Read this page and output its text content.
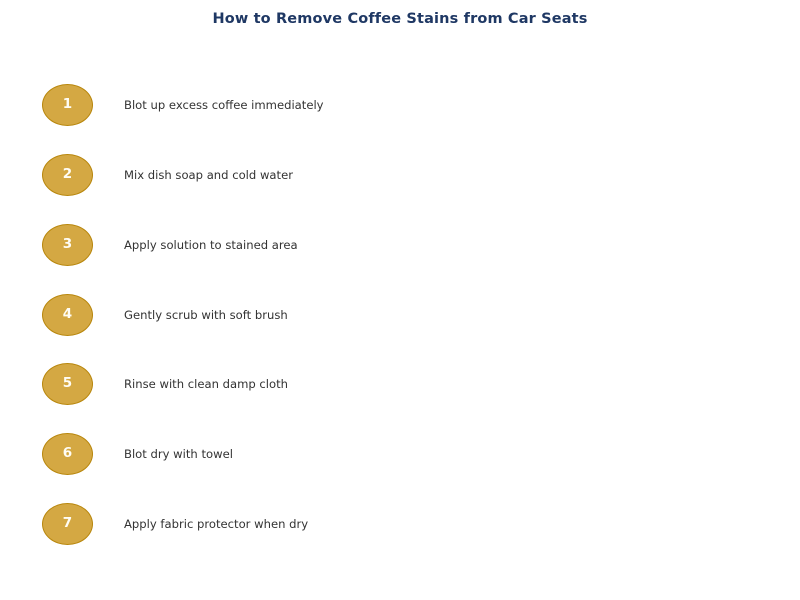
How to Remove Coffee Stains from Car Seats
1	Blot up excess coffee immediately
2	Mix dish soap and cold water
3	Apply solution to stained area
4	Gently scrub with soft brush
5	Rinse with clean damp cloth
6	Blot dry with towel
7	Apply fabric protector when dry
